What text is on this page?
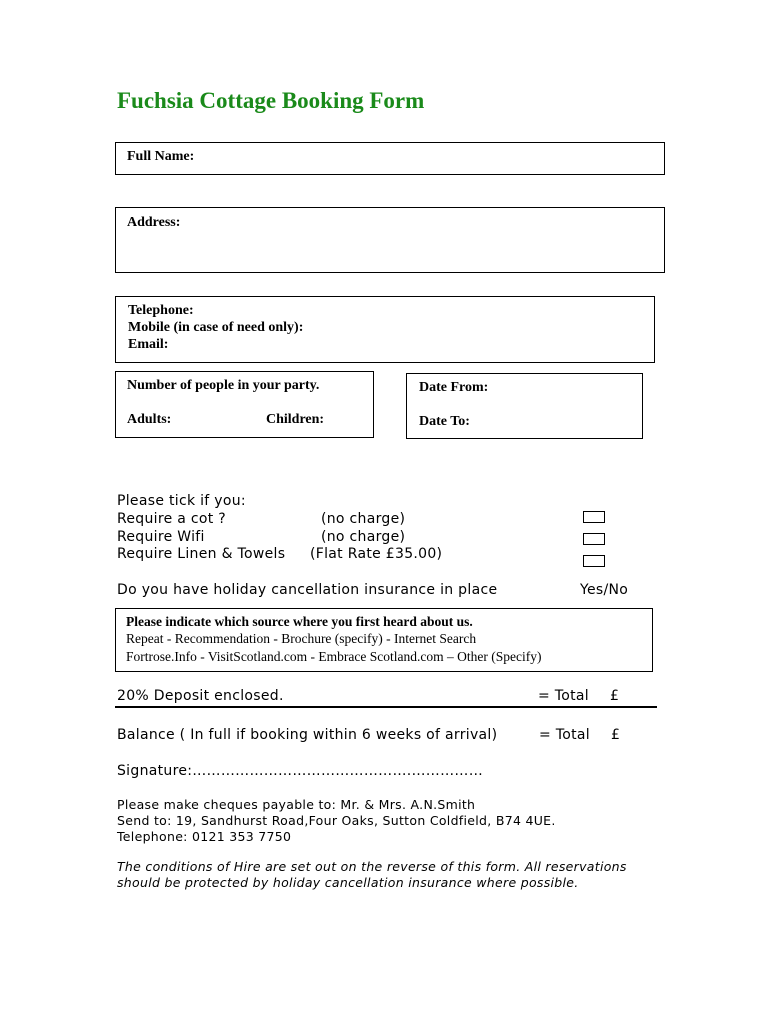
Fuchsia Cottage Booking Form
Full Name:
Address:
Telephone:
Mobile (in case of need only):
Email:
Number of people in your party.
Adults:	Children:
Date From:
Date To:
Please tick if you:
Require a cot ?	(no charge)
Require Wifi	(no charge)
Require Linen & Towels (Flat Rate £35.00)
Do you have holiday cancellation insurance in place	Yes/No
Please indicate which source where you first heard about us.
Repeat - Recommendation - Brochure (specify) - Internet Search
Fortrose.Info - VisitScotland.com - Embrace Scotland.com – Other (Specify)
20% Deposit enclosed.	= Total £
Balance ( In full if booking within 6 weeks of arrival)	= Total £
Signature:……………………………………….……………
Please make cheques payable to: Mr. & Mrs. A.N.Smith
Send to: 19, Sandhurst Road,Four Oaks, Sutton Coldfield, B74 4UE.
Telephone: 0121 353 7750
The conditions of Hire are set out on the reverse of this form. All reservations
should be protected by holiday cancellation insurance where possible.
